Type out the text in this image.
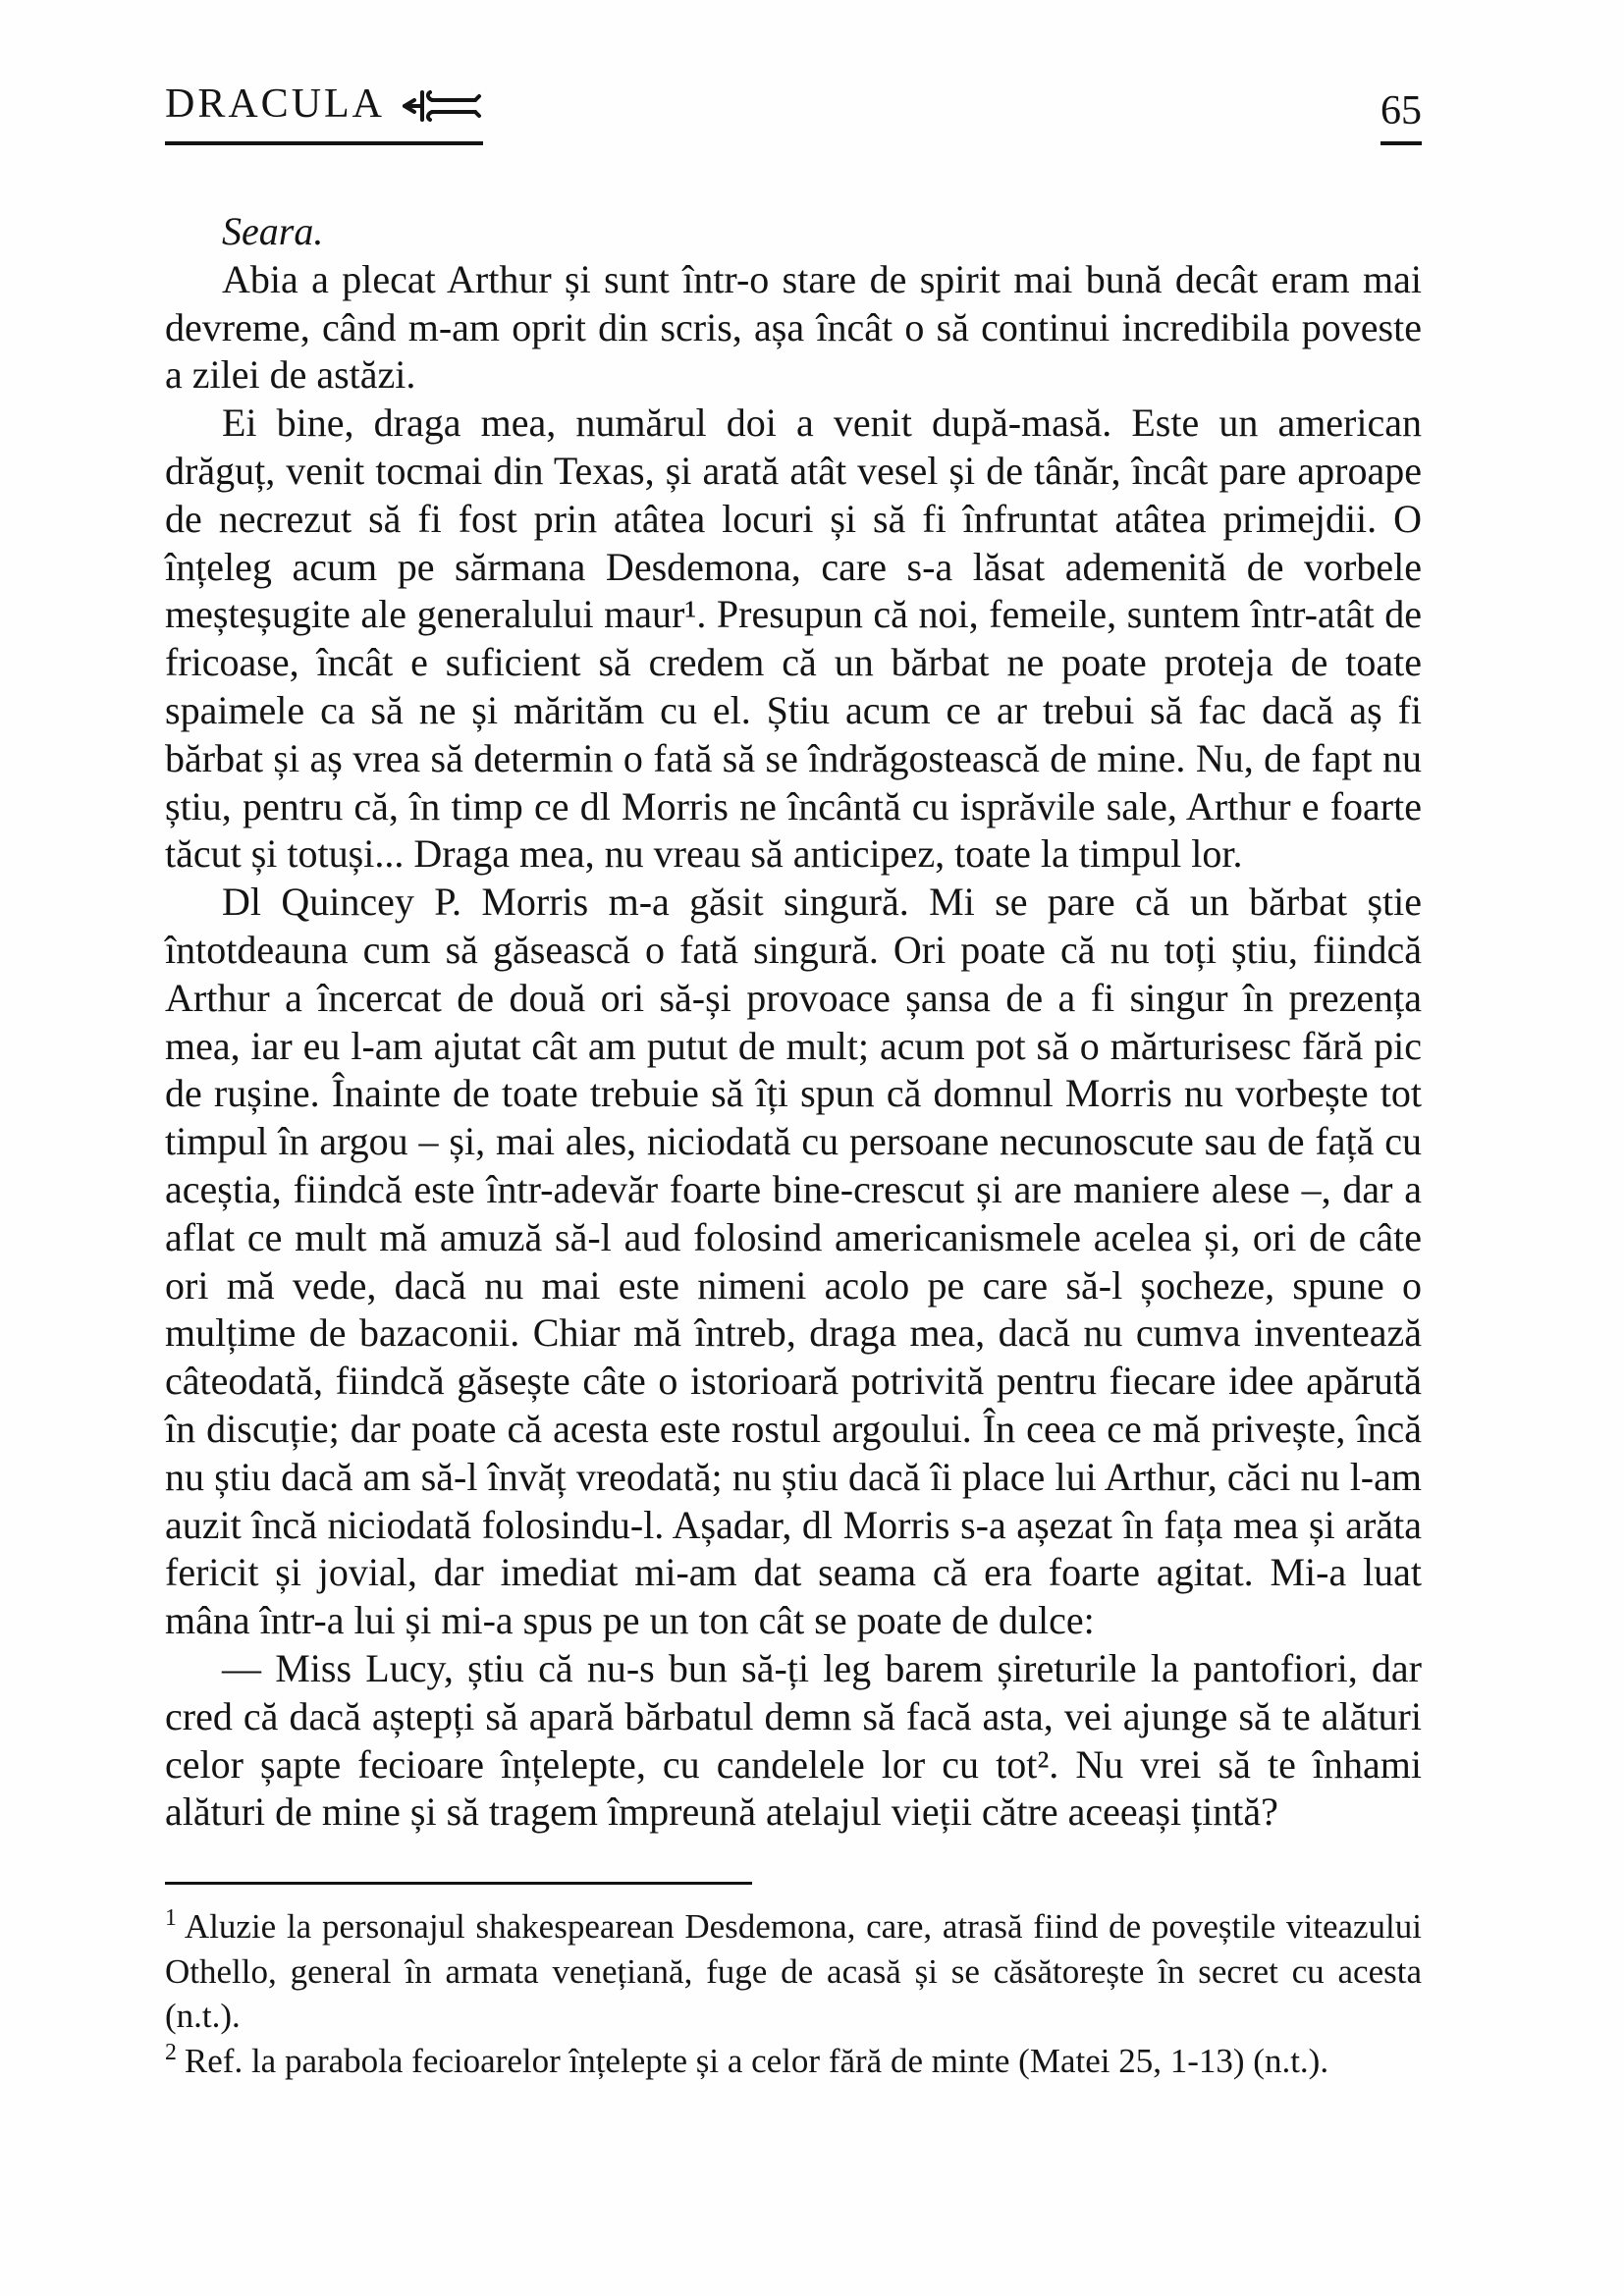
DRACULA	65

Seara.

Abia a plecat Arthur și sunt într-o stare de spirit mai bună decât eram mai devreme, când m-am oprit din scris, așa încât o să continui incredibila poveste a zilei de astăzi.

Ei bine, draga mea, numărul doi a venit după-masă. Este un american drăguț, venit tocmai din Texas, și arată atât vesel și de tânăr, încât pare aproape de necrezut să fi fost prin atâtea locuri și să fi înfruntat atâtea primejdii. O înțeleg acum pe sărmana Desdemona, care s-a lăsat ademenită de vorbele meșteșugite ale generalului maur¹. Presupun că noi, femeile, suntem într-atât de fricoase, încât e suficient să credem că un bărbat ne poate proteja de toate spaimele ca să ne și mărităm cu el. Știu acum ce ar trebui să fac dacă aș fi bărbat și aș vrea să determin o fată să se îndrăgostească de mine. Nu, de fapt nu știu, pentru că, în timp ce dl Morris ne încântă cu isprăvile sale, Arthur e foarte tăcut și totuși... Draga mea, nu vreau să anticipez, toate la timpul lor.

Dl Quincey P. Morris m-a găsit singură. Mi se pare că un bărbat știe întotdeauna cum să găsească o fată singură. Ori poate că nu toți știu, fiindcă Arthur a încercat de două ori să-și provoace șansa de a fi singur în prezența mea, iar eu l-am ajutat cât am putut de mult; acum pot să o mărturisesc fără pic de rușine. Înainte de toate trebuie să îți spun că domnul Morris nu vorbește tot timpul în argou – și, mai ales, niciodată cu persoane necunoscute sau de față cu aceștia, fiindcă este într-adevăr foarte bine-crescut și are maniere alese –, dar a aflat ce mult mă amuză să-l aud folosind americanismele acelea și, ori de câte ori mă vede, dacă nu mai este nimeni acolo pe care să-l șocheze, spune o mulțime de bazaconii. Chiar mă întreb, draga mea, dacă nu cumva inventează câteodată, fiindcă găsește câte o istorioară potrivită pentru fiecare idee apărută în discuție; dar poate că acesta este rostul argoului. În ceea ce mă privește, încă nu știu dacă am să-l învăț vreodată; nu știu dacă îi place lui Arthur, căci nu l-am auzit încă niciodată folosindu-l. Așadar, dl Morris s-a așezat în fața mea și arăta fericit și jovial, dar imediat mi-am dat seama că era foarte agitat. Mi-a luat mâna într-a lui și mi-a spus pe un ton cât se poate de dulce:

— Miss Lucy, știu că nu-s bun să-ți leg barem șireturile la pantofiori, dar cred că dacă aștepți să apară bărbatul demn să facă asta, vei ajunge să te alături celor șapte fecioare înțelepte, cu candelele lor cu tot². Nu vrei să te înhami alături de mine și să tragem împreună atelajul vieții către aceeași țintă?

$^1$ Aluzie la personajul shakespearean Desdemona, care, atrasă fiind de poveștile viteazului Othello, general în armata venețiană, fuge de acasă și se căsătorește în secret cu acesta (n.t.).

$^2$ Ref. la parabola fecioarelor înțelepte și a celor fără de minte (Matei 25, 1-13) (n.t.).
